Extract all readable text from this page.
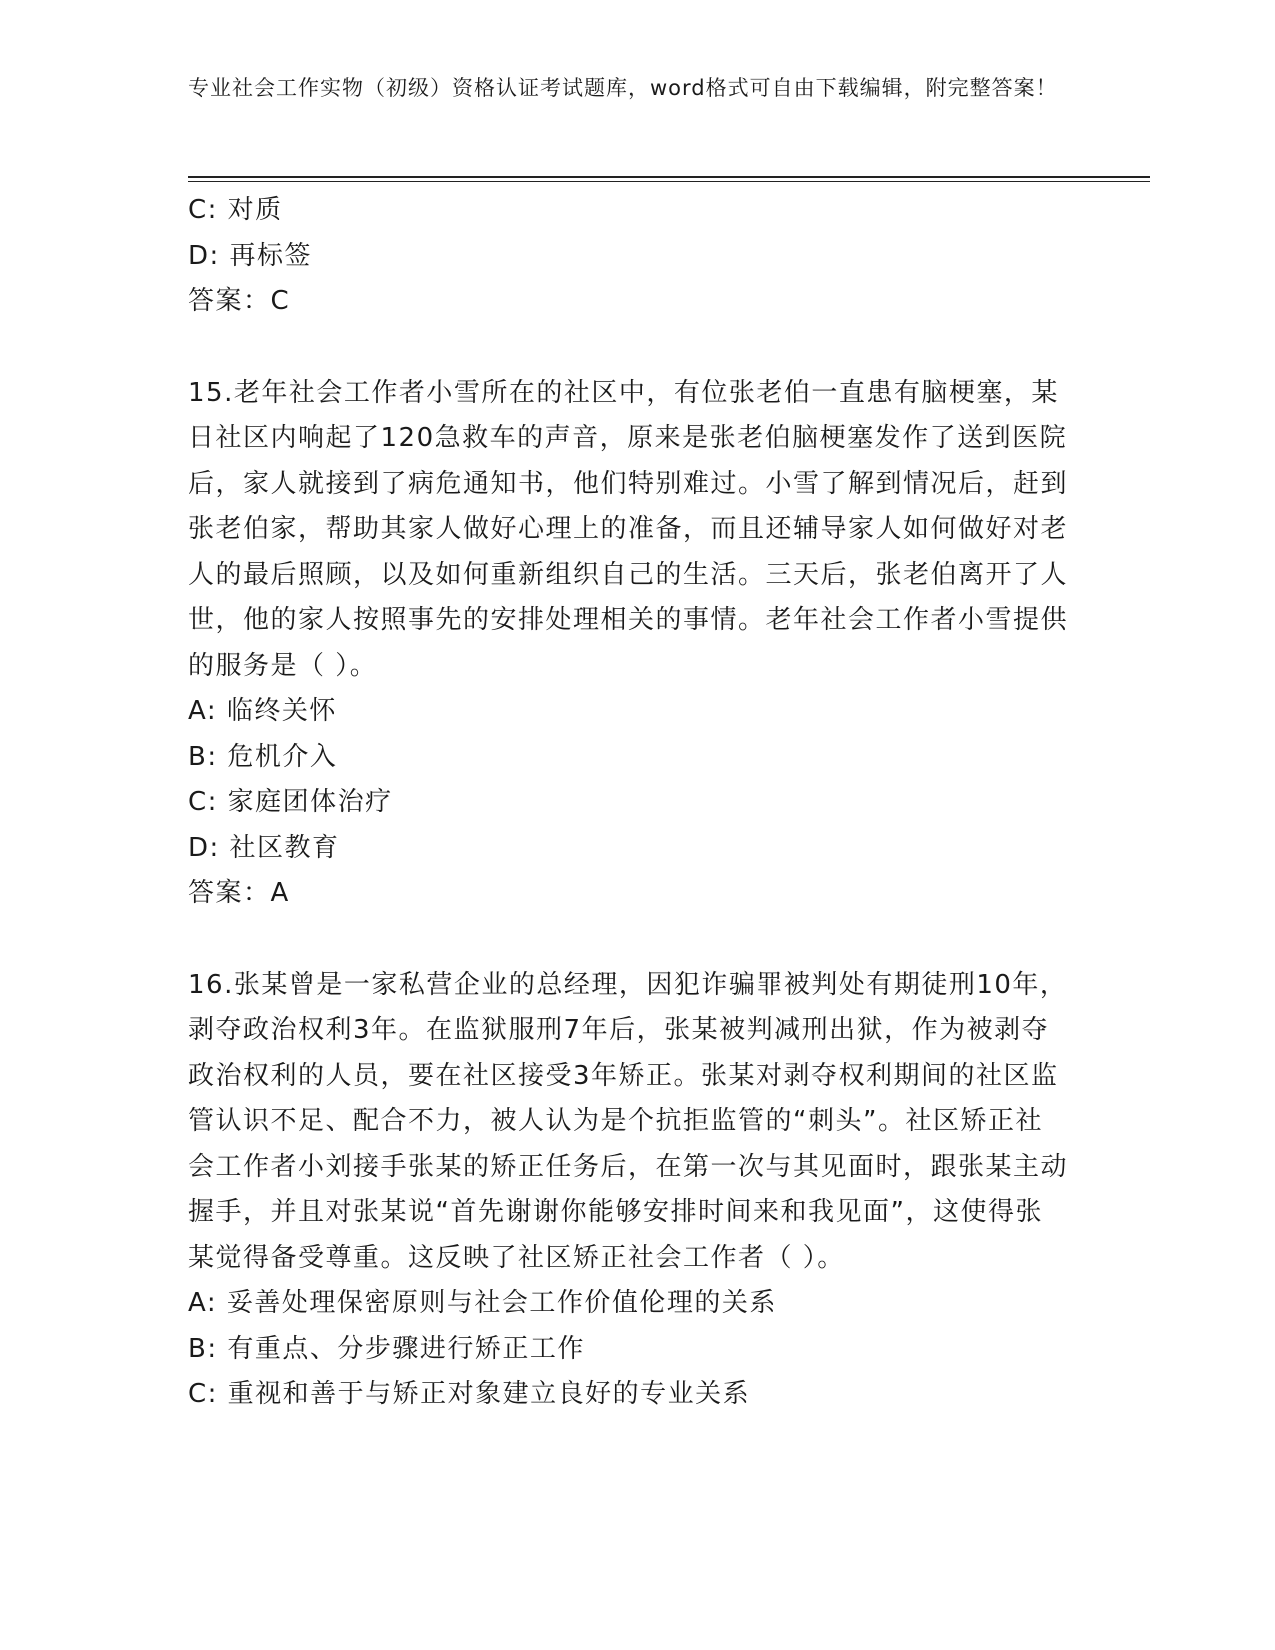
专业社会工作实物（初级）资格认证考试题库，word格式可自由下载编辑，附完整答案！

C: 对质

D: 再标签

答案：C

15.老年社会工作者小雪所在的社区中，有位张老伯一直患有脑梗塞，某日社区内响起了120急救车的声音，原来是张老伯脑梗塞发作了送到医院后，家人就接到了病危通知书，他们特别难过。小雪了解到情况后，赶到张老伯家，帮助其家人做好心理上的准备，而且还辅导家人如何做好对老人的最后照顾，以及如何重新组织自己的生活。三天后，张老伯离开了人世，他的家人按照事先的安排处理相关的事情。老年社会工作者小雪提供的服务是（ ）。

A: 临终关怀

B: 危机介入

C: 家庭团体治疗

D: 社区教育

答案：A

16.张某曾是一家私营企业的总经理，因犯诈骗罪被判处有期徒刑10年，剥夺政治权利3年。在监狱服刑7年后，张某被判减刑出狱，作为被剥夺政治权利的人员，要在社区接受3年矫正。张某对剥夺权利期间的社区监管认识不足、配合不力，被人认为是个抗拒监管的“刺头”。社区矫正社会工作者小刘接手张某的矫正任务后，在第一次与其见面时，跟张某主动握手，并且对张某说“首先谢谢你能够安排时间来和我见面”，这使得张某觉得备受尊重。这反映了社区矫正社会工作者（ ）。

A: 妥善处理保密原则与社会工作价值伦理的关系

B: 有重点、分步骤进行矫正工作

C: 重视和善于与矫正对象建立良好的专业关系
